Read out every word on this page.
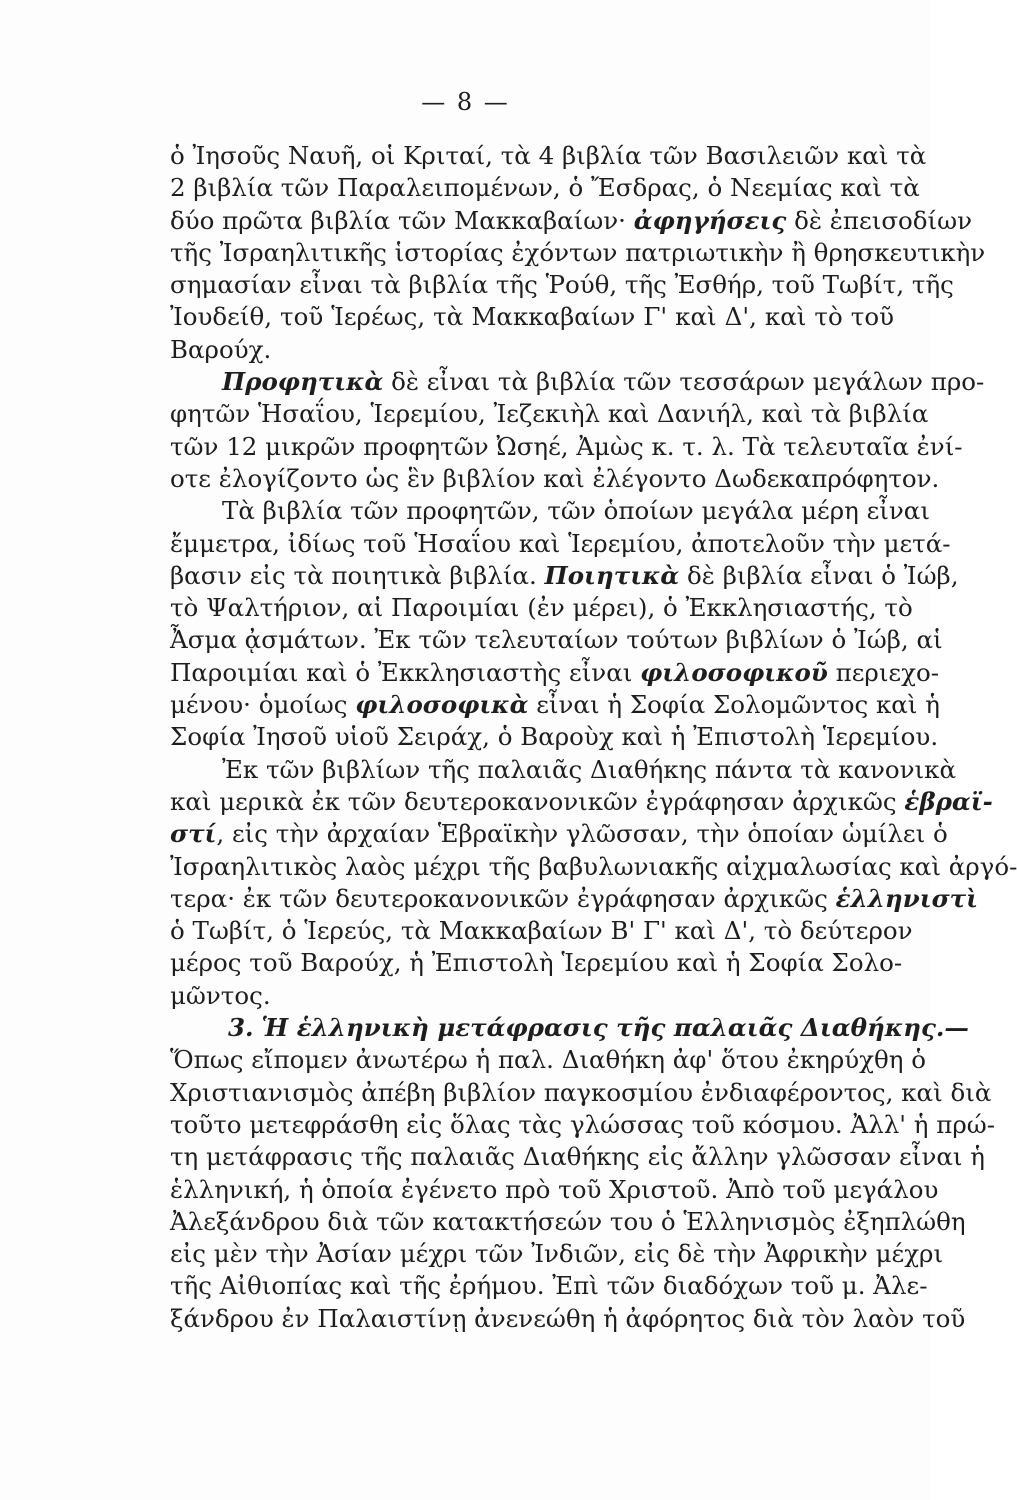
— 8 —
ὁ Ἰησοῦς Ναυῆ, οἱ Κριταί, τὰ 4 βιβλία τῶν Βασιλειῶν καὶ τὰ
2 βιβλία τῶν Παραλειπομένων, ὁ Ἔσδρας, ὁ Νεεμίας καὶ τὰ
δύο πρῶτα βιβλία τῶν Μακκαβαίων· ἀφηγήσεις δὲ ἐπεισοδίων
τῆς Ἰσραηλιτικῆς ἱστορίας ἐχόντων πατριωτικὴν ἢ θρησκευτικὴν
σημασίαν εἶναι τὰ βιβλία τῆς Ῥούθ, τῆς Ἐσθήρ, τοῦ Τωβίτ, τῆς
Ἰουδείθ, τοῦ Ἱερέως, τὰ Μακκαβαίων Γ' καὶ Δ', καὶ τὸ τοῦ
Βαρούχ.
Προφητικὰ δὲ εἶναι τὰ βιβλία τῶν τεσσάρων μεγάλων προ-
φητῶν Ἡσαΐου, Ἱερεμίου, Ἰεζεκιὴλ καὶ Δανιήλ, καὶ τὰ βιβλία
τῶν 12 μικρῶν προφητῶν Ὠσηέ, Ἀμὼς κ. τ. λ. Τὰ τελευταῖα ἐνί-
οτε ἐλογίζοντο ὡς ἓν βιβλίον καὶ ἐλέγοντο Δωδεκαπρόφητον.
Τὰ βιβλία τῶν προφητῶν, τῶν ὁποίων μεγάλα μέρη εἶναι
ἔμμετρα, ἰδίως τοῦ Ἡσαΐου καὶ Ἱερεμίου, ἀποτελοῦν τὴν μετά-
βασιν εἰς τὰ ποιητικὰ βιβλία. Ποιητικὰ δὲ βιβλία εἶναι ὁ Ἰώβ,
τὸ Ψαλτήριον, αἱ Παροιμίαι (ἐν μέρει), ὁ Ἐκκλησιαστής, τὸ
Ἆσμα ᾀσμάτων. Ἐκ τῶν τελευταίων τούτων βιβλίων ὁ Ἰώβ, αἱ
Παροιμίαι καὶ ὁ Ἐκκλησιαστὴς εἶναι φιλοσοφικοῦ περιεχο-
μένου· ὁμοίως φιλοσοφικὰ εἶναι ἡ Σοφία Σολομῶντος καὶ ἡ
Σοφία Ἰησοῦ υἱοῦ Σειράχ, ὁ Βαροὺχ καὶ ἡ Ἐπιστολὴ Ἱερεμίου.
Ἐκ τῶν βιβλίων τῆς παλαιᾶς Διαθήκης πάντα τὰ κανονικὰ
καὶ μερικὰ ἐκ τῶν δευτεροκανονικῶν ἐγράφησαν ἀρχικῶς ἑβραϊ-
στί, εἰς τὴν ἀρχαίαν Ἑβραϊκὴν γλῶσσαν, τὴν ὁποίαν ὡμίλει ὁ
Ἰσραηλιτικὸς λαὸς μέχρι τῆς βαβυλωνιακῆς αἰχμαλωσίας καὶ ἀργό-
τερα· ἐκ τῶν δευτεροκανονικῶν ἐγράφησαν ἀρχικῶς ἑλληνιστὶ
ὁ Τωβίτ, ὁ Ἱερεύς, τὰ Μακκαβαίων Β' Γ' καὶ Δ', τὸ δεύτερον
μέρος τοῦ Βαρούχ, ἡ Ἐπιστολὴ Ἱερεμίου καὶ ἡ Σοφία Σολο-
μῶντος.
3. Ἡ ἑλληνικὴ μετάφρασις τῆς παλαιᾶς Διαθήκης.—
Ὅπως εἴπομεν ἀνωτέρω ἡ παλ. Διαθήκη ἀφ' ὅτου ἐκηρύχθη ὁ
Χριστιανισμὸς ἀπέβη βιβλίον παγκοσμίου ἐνδιαφέροντος, καὶ διὰ
τοῦτο μετεφράσθη εἰς ὅλας τὰς γλώσσας τοῦ κόσμου. Ἀλλ' ἡ πρώ-
τη μετάφρασις τῆς παλαιᾶς Διαθήκης εἰς ἄλλην γλῶσσαν εἶναι ἡ
ἑλληνική, ἡ ὁποία ἐγένετο πρὸ τοῦ Χριστοῦ. Ἀπὸ τοῦ μεγάλου
Ἀλεξάνδρου διὰ τῶν κατακτήσεών του ὁ Ἑλληνισμὸς ἐξηπλώθη
εἰς μὲν τὴν Ἀσίαν μέχρι τῶν Ἰνδιῶν, εἰς δὲ τὴν Ἀφρικὴν μέχρι
τῆς Αἰθιοπίας καὶ τῆς ἐρήμου. Ἐπὶ τῶν διαδόχων τοῦ μ. Ἀλε-
ξάνδρου ἐν Παλαιστίνῃ ἀνενεώθη ἡ ἀφόρητος διὰ τὸν λαὸν τοῦ
